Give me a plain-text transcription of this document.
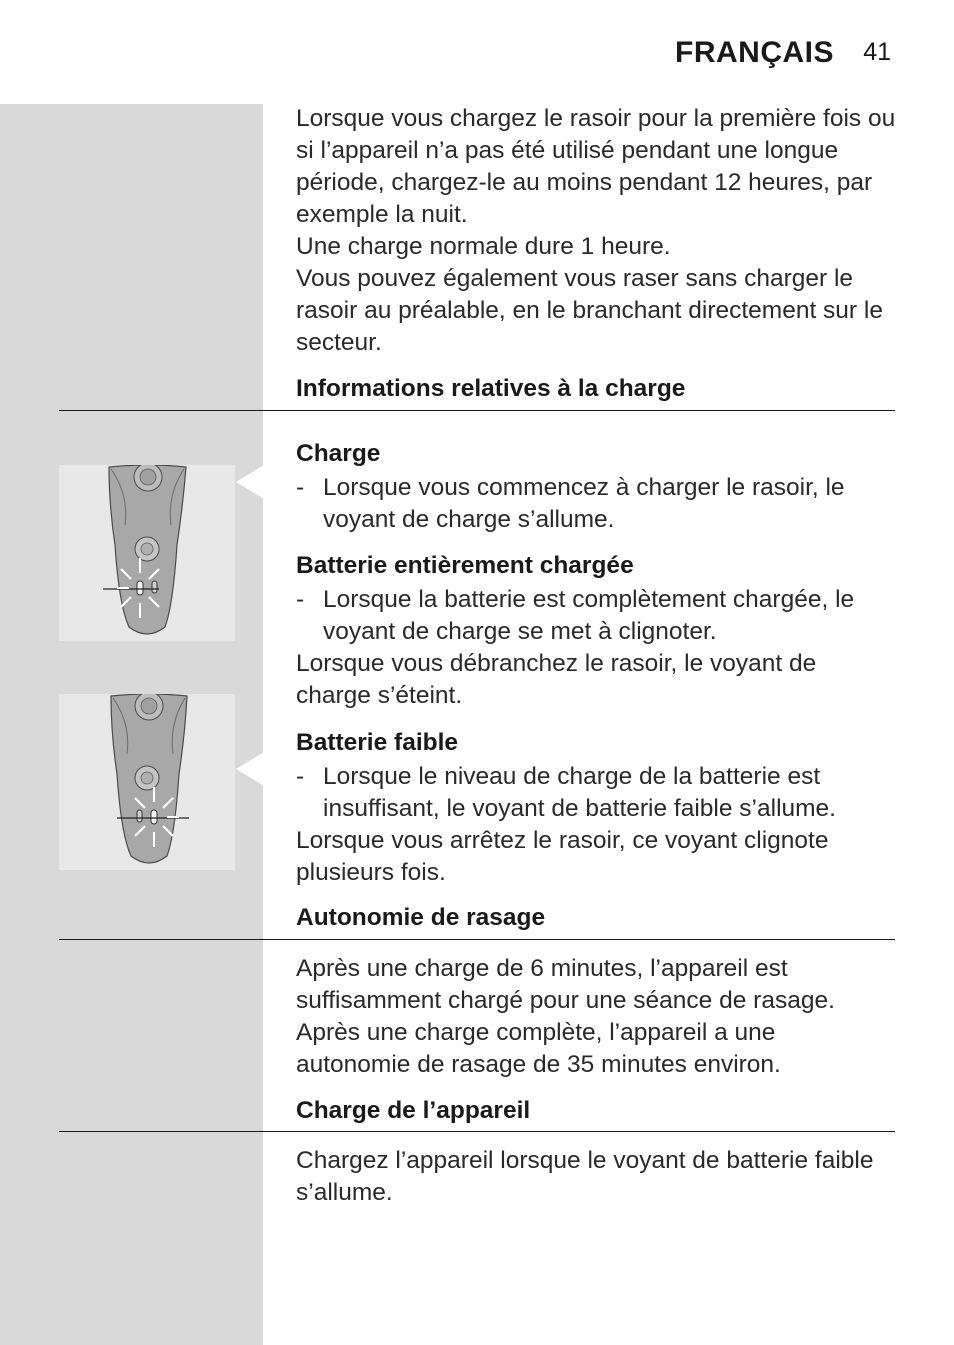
FRANÇAIS 41
Lorsque vous chargez le rasoir pour la première fois ou si l’appareil n’a pas été utilisé pendant une longue période, chargez-le au moins pendant 12 heures, par exemple la nuit.
Une charge normale dure 1 heure.
Vous pouvez également vous raser sans charger le rasoir au préalable, en le branchant directement sur le secteur.
Informations relatives à la charge
Charge
- Lorsque vous commencez à charger le rasoir, le voyant de charge s’allume.
Batterie entièrement chargée
- Lorsque la batterie est complètement chargée, le voyant de charge se met à clignoter.
Lorsque vous débranchez le rasoir, le voyant de charge s’éteint.
Batterie faible
- Lorsque le niveau de charge de la batterie est insuffisant, le voyant de batterie faible s’allume.
Lorsque vous arrêtez le rasoir, ce voyant clignote plusieurs fois.
Autonomie de rasage
Après une charge de 6 minutes, l’appareil est suffisamment chargé pour une séance de rasage.
Après une charge complète, l’appareil a une autonomie de rasage de 35 minutes environ.
Charge de l’appareil
Chargez l’appareil lorsque le voyant de batterie faible s’allume.
